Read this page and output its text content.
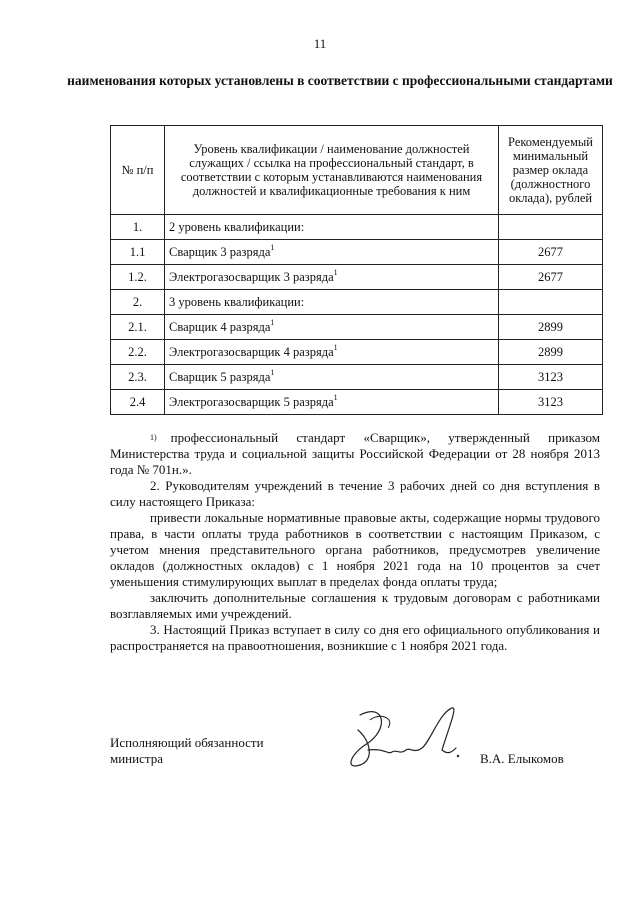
11
наименования которых установлены в соответствии с профессиональными стандартами
№ п/п	Уровень квалификации / наименование должностей служащих / ссылка на профессиональный стандарт, в соответствии с которым устанавливаются наименования должностей и квалификационные требования к ним	Рекомендуемый минимальный размер оклада (должностного оклада), рублей
1.	2 уровень квалификации:	
1.1	Сварщик 3 разряда$^1$	2677
1.2.	Электрогазосварщик 3 разряда$^1$	2677
2.	3 уровень квалификации:	
2.1.	Сварщик 4 разряда$^1$	2899
2.2.	Электрогазосварщик 4 разряда$^1$	2899
2.3.	Сварщик 5 разряда$^1$	3123
2.4	Электрогазосварщик 5 разряда$^1$	3123

$^{1)}$ профессиональный стандарт «Сварщик», утвержденный приказом Министерства труда и социальной защиты Российской Федерации от 28 ноября 2013 года № 701н.».

2. Руководителям учреждений в течение 3 рабочих дней со дня вступления в силу настоящего Приказа:

привести локальные нормативные правовые акты, содержащие нормы трудового права, в части оплаты труда работников в соответствии с настоящим Приказом, с учетом мнения представительного органа работников, предусмотрев увеличение окладов (должностных окладов) с 1 ноября 2021 года на 10 процентов за счет уменьшения стимулирующих выплат в пределах фонда оплаты труда;

заключить дополнительные соглашения к трудовым договорам с работниками возглавляемых ими учреждений.

3. Настоящий Приказ вступает в силу со дня его официального опубликования и распространяется на правоотношения, возникшие с 1 ноября 2021 года.

Исполняющий обязанности
министра	В.А. Елыкомов
